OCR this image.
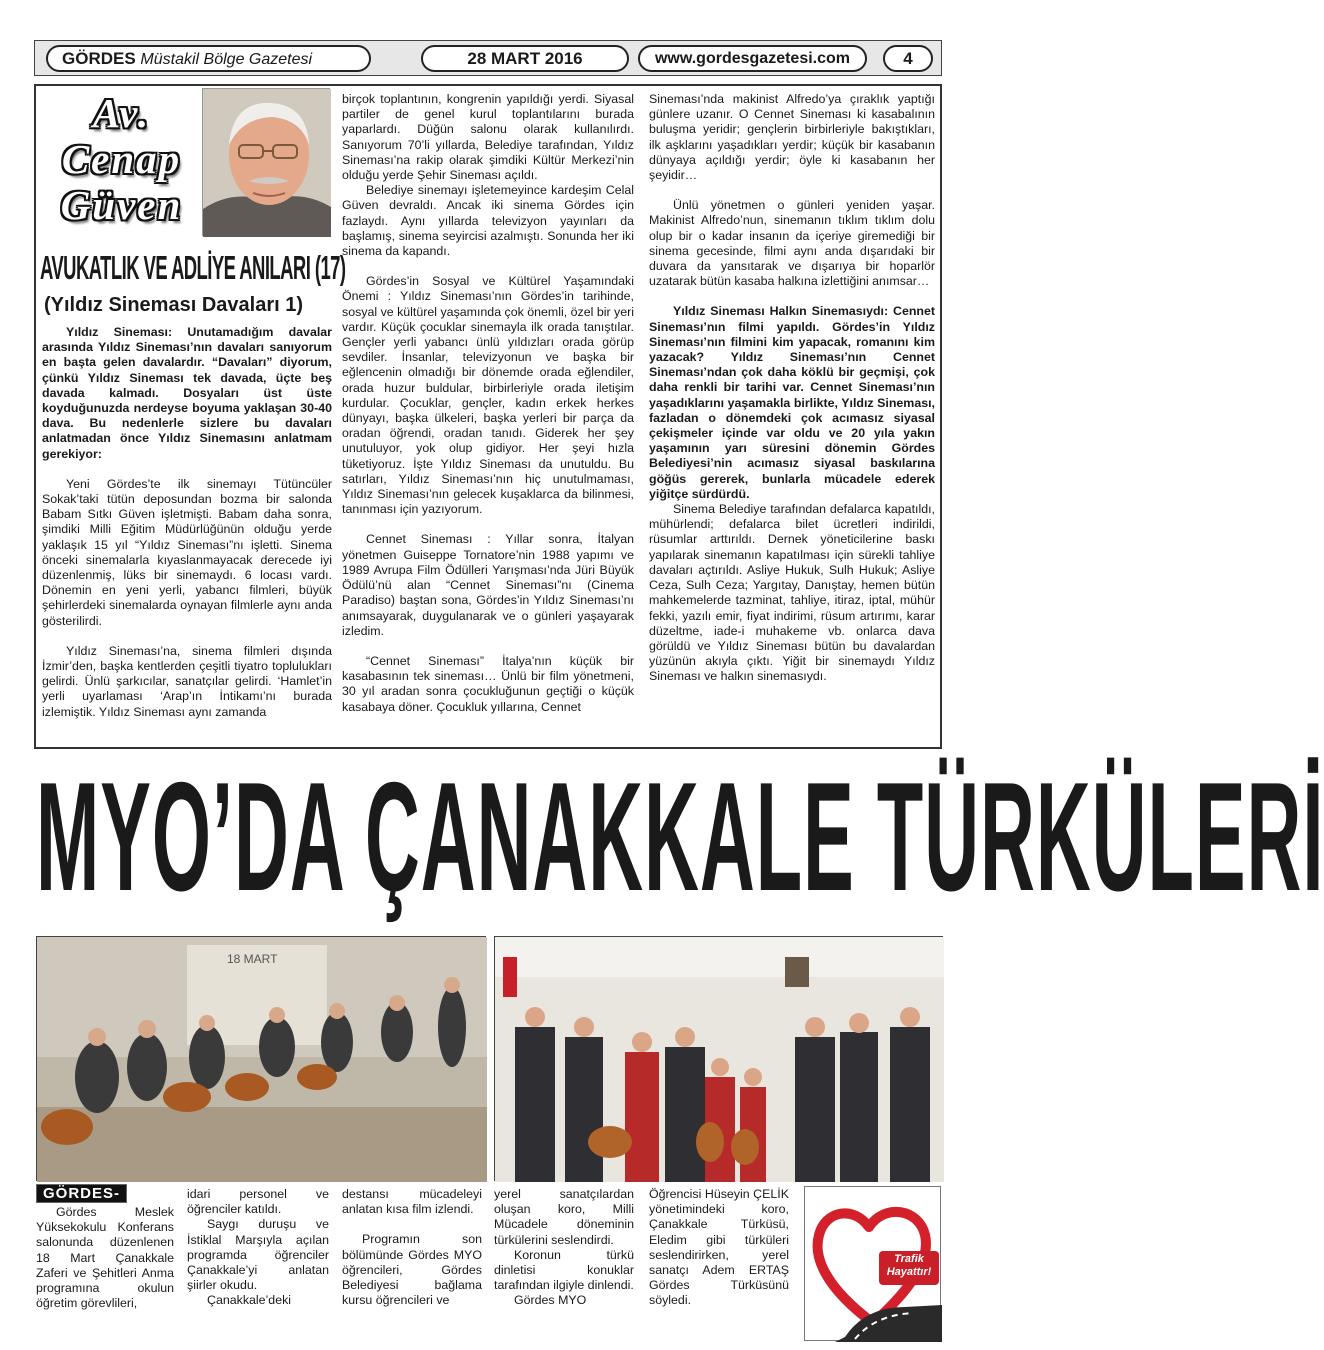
GÖRDES Müstakil Bölge Gazetesi	28 MART 2016	www.gordesgazetesi.com	4
Av.
Cenap
Güven
AVUKATLIK VE ADLİYE ANILARI (17)
(Yıldız Sineması Davaları 1)

Yıldız Sineması: Unutamadığım davalar arasında Yıldız Sineması’nın davaları sanıyorum en başta gelen davalardır. “Davaları” diyorum, çünkü Yıldız Sineması tek davada, üçte beş davada kalmadı. Dosyaları üst üste koyduğunuzda nerdeyse boyuma yaklaşan 30-40 dava. Bu nedenlerle sizlere bu davaları anlatmadan önce Yıldız Sinemasını anlatmam gerekiyor:

Yeni Gördes’te ilk sinemayı Tütüncüler Sokak’taki tütün deposundan bozma bir salonda Babam Sıtkı Güven işletmişti. Babam daha sonra, şimdiki Milli Eğitim Müdürlüğünün olduğu yerde yaklaşık 15 yıl “Yıldız Sineması”nı işletti. Sinema önceki sinemalarla kıyaslanmayacak derecede iyi düzenlenmiş, lüks bir sinemaydı. 6 locası vardı. Dönemin en yeni yerli, yabancı filmleri, büyük şehirlerdeki sinemalarda oynayan filmlerle aynı anda gösterilirdi.

Yıldız Sineması’na, sinema filmleri dışında İzmir’den, başka kentlerden çeşitli tiyatro toplulukları gelirdi. Ünlü şarkıcılar, sanatçılar gelirdi. ‘Hamlet’in yerli uyarlaması ‘Arap’ın İntikamı’nı burada izlemiştik. Yıldız Sineması aynı zamanda

birçok toplantının, kongrenin yapıldığı yerdi. Siyasal partiler de genel kurul toplantılarını burada yaparlardı. Düğün salonu olarak kullanılırdı. Sanıyorum 70’li yıllarda, Belediye tarafından, Yıldız Sineması’na rakip olarak şimdiki Kültür Merkezi’nin olduğu yerde Şehir Sineması açıldı.

Belediye sinemayı işletemeyince kardeşim Celal Güven devraldı. Ancak iki sinema Gördes için fazlaydı. Aynı yıllarda televizyon yayınları da başlamış, sinema seyircisi azalmıştı. Sonunda her iki sinema da kapandı.

Gördes’in Sosyal ve Kültürel Yaşamındaki Önemi : Yıldız Sineması’nın Gördes’in tarihinde, sosyal ve kültürel yaşamında çok önemli, özel bir yeri vardır. Küçük çocuklar sinemayla ilk orada tanıştılar. Gençler yerli yabancı ünlü yıldızları orada görüp sevdiler. İnsanlar, televizyonun ve başka bir eğlencenin olmadığı bir dönemde orada eğlendiler, orada huzur buldular, birbirleriyle orada iletişim kurdular. Çocuklar, gençler, kadın erkek herkes dünyayı, başka ülkeleri, başka yerleri bir parça da oradan öğrendi, oradan tanıdı. Giderek her şey unutuluyor, yok olup gidiyor. Her şeyi hızla tüketiyoruz. İşte Yıldız Sineması da unutuldu. Bu satırları, Yıldız Sineması’nın hiç unutulmaması, Yıldız Sineması’nın gelecek kuşaklarca da bilinmesi, tanınması için yazıyorum.

Cennet Sineması : Yıllar sonra, İtalyan yönetmen Guiseppe Tornatore’nin 1988 yapımı ve 1989 Avrupa Film Ödülleri Yarışması’nda Jüri Büyük Ödülü’nü alan “Cennet Sineması”nı (Cinema Paradiso) baştan sona, Gördes’in Yıldız Sineması’nı anımsayarak, duygulanarak ve o günleri yaşayarak izledim.

“Cennet Sineması” İtalya’nın küçük bir kasabasının tek sineması… Ünlü bir film yönetmeni, 30 yıl aradan sonra çocukluğunun geçtiği o küçük kasabaya döner. Çocukluk yıllarına, Cennet

Sineması’nda makinist Alfredo’ya çıraklık yaptığı günlere uzanır. O Cennet Sineması ki kasabalının buluşma yeridir; gençlerin birbirleriyle bakıştıkları, ilk aşklarını yaşadıkları yerdir; küçük bir kasabanın dünyaya açıldığı yerdir; öyle ki kasabanın her şeyidir…

Ünlü yönetmen o günleri yeniden yaşar. Makinist Alfredo’nun, sinemanın tıklım tıklım dolu olup bir o kadar insanın da içeriye giremediği bir sinema gecesinde, filmi aynı anda dışarıdaki bir duvara da yansıtarak ve dışarıya bir hoparlör uzatarak bütün kasaba halkına izlettiğini anımsar…

Yıldız Sineması Halkın Sinemasıydı: Cennet Sineması’nın filmi yapıldı. Gördes’in Yıldız Sineması’nın filmini kim yapacak, romanını kim yazacak? Yıldız Sineması’nın Cennet Sineması’ndan çok daha köklü bir geçmişi, çok daha renkli bir tarihi var. Cennet Sineması’nın yaşadıklarını yaşamakla birlikte, Yıldız Sineması, fazladan o dönemdeki çok acımasız siyasal çekişmeler içinde var oldu ve 20 yıla yakın yaşamının yarı süresini dönemin Gördes Belediyesi’nin acımasız siyasal baskılarına göğüs gererek, bunlarla mücadele ederek yiğitçe sürdürdü.

Sinema Belediye tarafından defalarca kapatıldı, mühürlendi; defalarca bilet ücretleri indirildi, rüsumlar arttırıldı. Dernek yöneticilerine baskı yapılarak sinemanın kapatılması için sürekli tahliye davaları açtırıldı. Asliye Hukuk, Sulh Hukuk; Asliye Ceza, Sulh Ceza; Yargıtay, Danıştay, hemen bütün mahkemelerde tazminat, tahliye, itiraz, iptal, mühür fekki, yazılı emir, fiyat indirimi, rüsum artırımı, karar düzeltme, iade-i muhakeme vb. onlarca dava görüldü ve Yıldız Sineması bütün bu davalardan yüzünün akıyla çıktı. Yiğit bir sinemaydı Yıldız Sineması ve halkın sinemasıydı.

MYO’DA ÇANAKKALE TÜRKÜLERİ
18 MART
GÖRDES-

Gördes Meslek Yüksekokulu Konferans salonunda düzenlenen 18 Mart Çanakkale Zaferi ve Şehitleri Anma programına okulun öğretim görevlileri,

idari personel ve öğrenciler katıldı.

Saygı duruşu ve İstiklal Marşıyla açılan programda öğrenciler Çanakkale’yi anlatan şiirler okudu.

Çanakkale’deki

destansı mücadeleyi anlatan kısa film izlendi.

Programın son bölümünde Gördes MYO öğrencileri, Gördes Belediyesi bağlama kursu öğrencileri ve

yerel sanatçılardan oluşan koro, Milli Mücadele döneminin türkülerini seslendirdi.

Koronun türkü dinletisi konuklar tarafından ilgiyle dinlendi.

Gördes MYO

Öğrencisi Hüseyin ÇELİK yönetimindeki koro, Çanakkale Türküsü, Eledim gibi türküleri seslendirirken, yerel sanatçı Adem ERTAŞ Gördes Türküsünü söyledi.

Trafik Hayattır!
